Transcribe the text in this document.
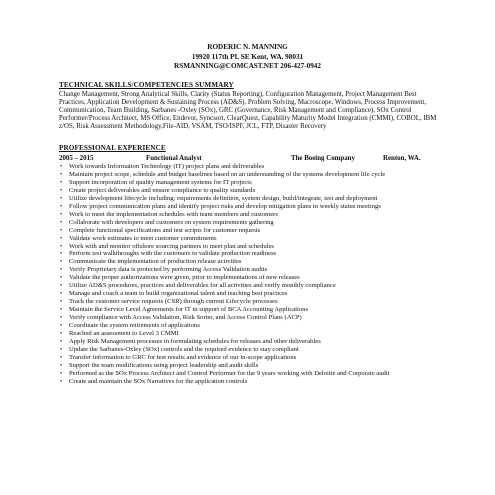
RODERIC N. MANNING
19920 117th PL SE Kent, WA. 98031
RSMANNING@COMCAST.NET 206-427-0942
TECHNICAL SKILLS/COMPETENCIES SUMMARY
Change Management, Strong Analytical Skills, Clarity (Status Reporting), Configuration Management, Project Management Best Practices, Application Development & Sustaining Process (AD&S), Problem Solving, Macroscope, Windows, Process Improvement, Communication, Team Building, Sarbanes -Oxley (SOx), GRC (Governance, Risk Management and Compliance), SOx Control Performer/Process Architect, MS Office, Endevor, Syncsort, ClearQuest, Capability Maturity Model Integration (CMMI), COBOL, IBM z/OS, Risk Assessment Methodology,File-AID, VSAM, TSO/ISPF, JCL, FTP, Disaster Recovery
PROFESSIONAL EXPERIENCE
2005 – 2015	Functional Analyst	The Boeing Company	Renton, WA.
• Work towards Information Technology (IT) project plans and deliverables
• Maintain project scope, schedule and budget baselines based on an understanding of the systems development life cycle
• Support incorporation of quality management systems for IT projects
• Create project deliverables and ensure compliance to quality standards
• Utilize development lifecycle including; requirements definition, system design, build/integrate, test and deployment
• Follow project communication plans and identify project risks and develop mitigation plans in weekly status meetings
• Work to meet the implementation schedules with team members and customers
• Collaborate with developers and customers on system requirements gathering
• Complete functional specifications and test scripts for customer requests
• Validate work estimates to meet customer commitments
• Work with and monitor offshore sourcing partners to meet plan and schedules
• Perform test walkthroughs with the customers to validate production readiness
• Communicate the implementation of production release activities
• Verify Proprietary data is protected by performing Access Validation audits
• Validate the proper authorizations were given, prior to implementations of new releases
• Utilize AD&S procedures, practices and deliverables for all activities and verify monthly compliance
• Manage and coach a team to build organizational talent and teaching best practices
• Track the customer service requests (CSR) through current Lifecycle processes
• Maintain the Service Level Agreements for IT in support of BCA Accounting Applications
• Verify compliance with Access Validation, Risk Sorter, and Access Control Plans (ACP)
• Coordinate the system retirements of applications
• Reached an assessment to Level 3 CMMI
• Apply Risk Management processes in formulating schedules for releases and other deliverables
• Update the Sarbanes-Oxley (SOx) controls and the required evidence to stay compliant
• Transfer information to GRC for test results and evidence of our in-scope applications
• Support the team modifications using project leadership and audit skills
• Performed as the SOx Process Architect and Control Performer for the 9 years working with Deloitte and Corporate audit
• Create and maintain the SOx Narratives for the application controls
